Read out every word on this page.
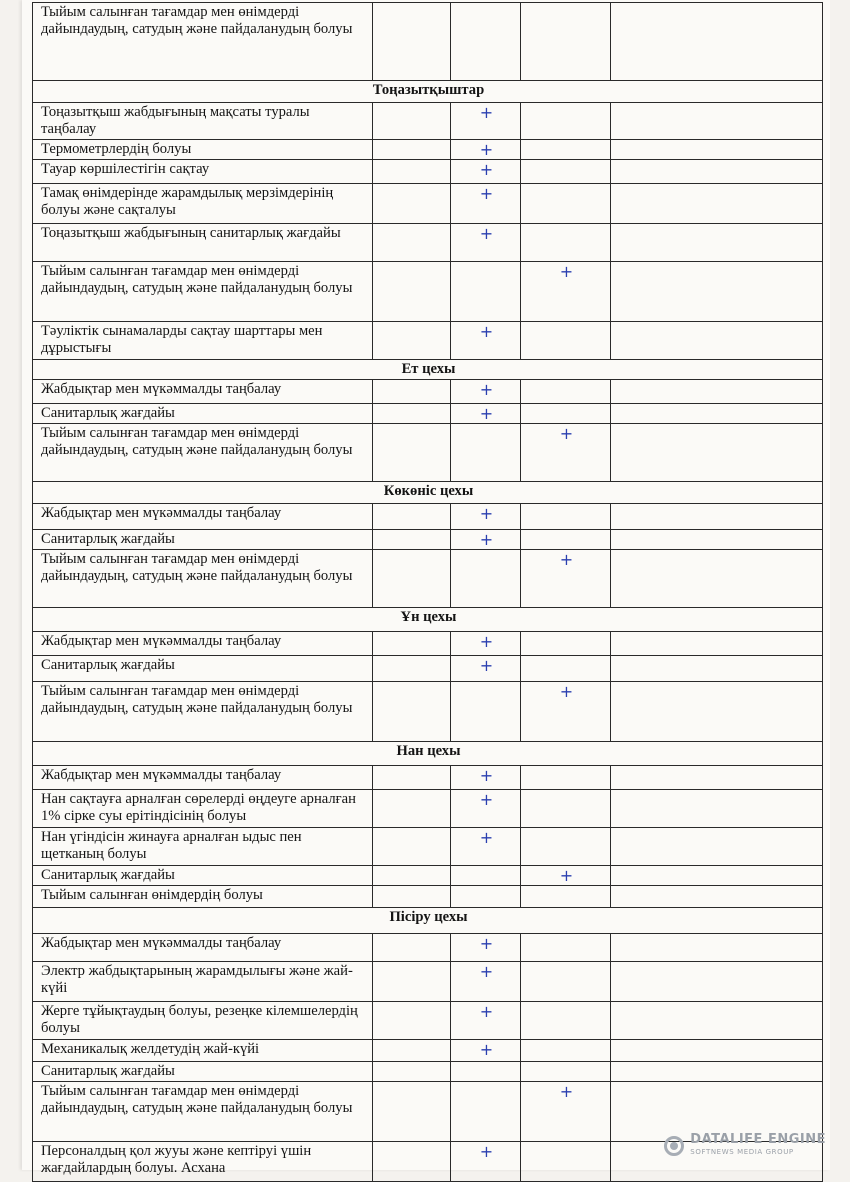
Тыйым салынған тағамдар мен өнімдерді дайындаудың, сатудың және пайдаланудың болуы				
Тоңазытқыштар				
Тоңазытқыш жабдығының мақсаты туралы таңбалау		+		
Термометрлердің болуы		+		
Тауар көршілестігін сақтау		+		
Тамақ өнімдерінде жарамдылық мерзімдерінің болуы және сақталуы		+		
Тоңазытқыш жабдығының санитарлық жағдайы		+		
Тыйым салынған тағамдар мен өнімдерді дайындаудың, сатудың және пайдаланудың болуы			+	
Тәуліктік сынамаларды сақтау шарттары мен дұрыстығы		+		
Ет цехы				
Жабдықтар мен мүкәммалды таңбалау		+		
Санитарлық жағдайы		+		
Тыйым салынған тағамдар мен өнімдерді дайындаудың, сатудың және пайдаланудың болуы			+	
Көкөніс цехы				
Жабдықтар мен мүкәммалды таңбалау		+		
Санитарлық жағдайы		+		
Тыйым салынған тағамдар мен өнімдерді дайындаудың, сатудың және пайдаланудың болуы			+	
Ұн цехы				
Жабдықтар мен мүкәммалды таңбалау		+		
Санитарлық жағдайы		+		
Тыйым салынған тағамдар мен өнімдерді дайындаудың, сатудың және пайдаланудың болуы			+	
Нан цехы				
Жабдықтар мен мүкәммалды таңбалау		+		
Нан сақтауға арналған сөрелерді өңдеуге арналған 1% сірке суы ерітіндісінің болуы		+		
Нан үгіндісін жинауға арналған ыдыс пен щетканың болуы		+		
Санитарлық жағдайы			+	
Тыйым салынған өнімдердің болуы				
Пісіру цехы				
Жабдықтар мен мүкәммалды таңбалау		+		
Электр жабдықтарының жарамдылығы және жай-күйі		+		
Жерге тұйықтаудың болуы, резеңке кілемшелердің болуы		+		
Механикалық желдетудің жай-күйі		+		
Санитарлық жағдайы				
Тыйым салынған тағамдар мен өнімдерді дайындаудың, сатудың және пайдаланудың болуы			+	
Персоналдың қол жууы және кептіруі үшін жағдайлардың болуы. Асхана		+		
DATALIFE ENGINE
SOFTNEWS MEDIA GROUP
